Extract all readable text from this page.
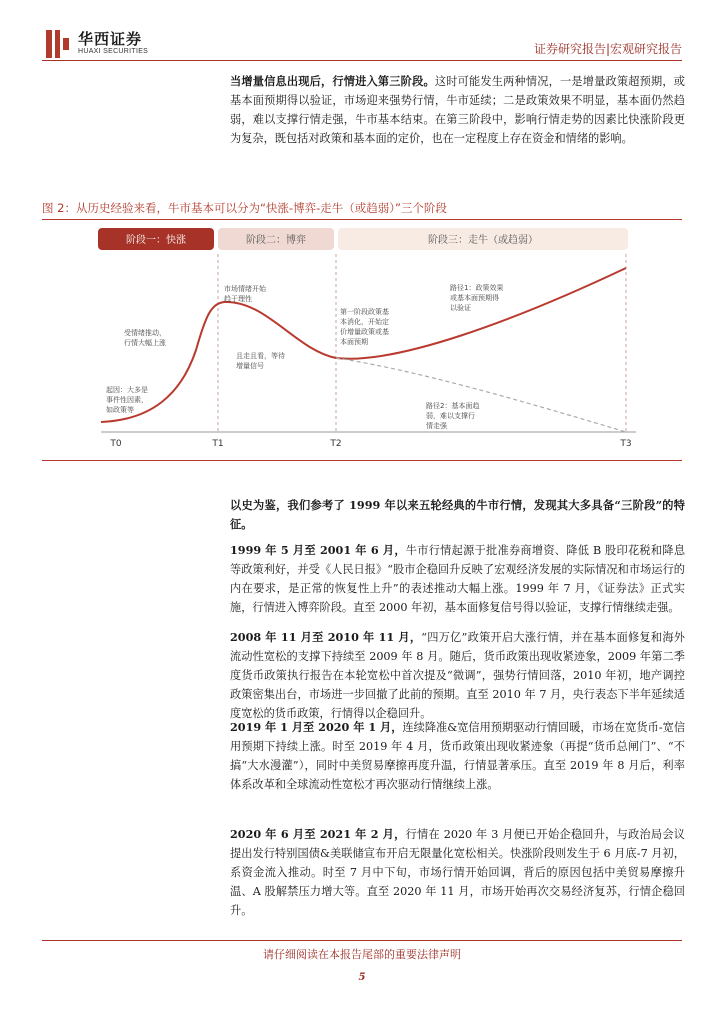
华西证券
HUAXI SECURITIES	证券研究报告|宏观研究报告
当增量信息出现后，行情进入第三阶段。这时可能发生两种情况，一是增量政策超预期，或基本面预期得以验证，市场迎来强势行情，牛市延续；二是政策效果不明显，基本面仍然趋弱，难以支撑行情走强，牛市基本结束。在第三阶段中，影响行情走势的因素比快涨阶段更为复杂，既包括对政策和基本面的定价，也在一定程度上存在资金和情绪的影响。
图 2：从历史经验来看，牛市基本可以分为“快涨-博弈-走牛（或趋弱）”三个阶段
阶段一：快涨	阶段二：博弈	阶段三：走牛（或趋弱）
T0	T1	T2	T3
起因：大多是
事件性因素，
如政策等
受情绪推动，
行情大幅上涨
市场情绪开始
趋于理性
且走且看，等待
增量信号
第一阶段政策基
本消化，开始定
价增量政策或基
本面预期
路径1：政策效果
或基本面预期得
以验证
路径2：基本面趋
弱，难以支撑行
情走强
以史为鉴，我们参考了 1999 年以来五轮经典的牛市行情，发现其大多具备“三阶段”的特征。
1999 年 5 月至 2001 年 6 月，牛市行情起源于批准券商增资、降低 B 股印花税和降息等政策利好，并受《人民日报》“股市企稳回升反映了宏观经济发展的实际情况和市场运行的内在要求，是正常的恢复性上升”的表述推动大幅上涨。1999 年 7 月，《证券法》正式实施，行情进入博弈阶段。直至 2000 年初，基本面修复信号得以验证，支撑行情继续走强。
2008 年 11 月至 2010 年 11 月，“四万亿”政策开启大涨行情，并在基本面修复和海外流动性宽松的支撑下持续至 2009 年 8 月。随后，货币政策出现收紧迹象，2009 年第二季度货币政策执行报告在本轮宽松中首次提及“微调”，强势行情回落，2010 年初，地产调控政策密集出台，市场进一步回撤了此前的预期。直至 2010 年 7 月，央行表态下半年延续适度宽松的货币政策，行情得以企稳回升。
2019 年 1 月至 2020 年 1 月，连续降准&宽信用预期驱动行情回暖，市场在宽货币-宽信用预期下持续上涨。时至 2019 年 4 月，货币政策出现收紧迹象（再提“货币总闸门”、“不搞“大水漫灌”），同时中美贸易摩擦再度升温，行情显著承压。直至 2019 年 8 月后，利率体系改革和全球流动性宽松才再次驱动行情继续上涨。
2020 年 6 月至 2021 年 2 月，行情在 2020 年 3 月便已开始企稳回升，与政治局会议提出发行特别国债&美联储宣布开启无限量化宽松相关。快涨阶段则发生于 6 月底-7 月初，系资金流入推动。时至 7 月中下旬，市场行情开始回调，背后的原因包括中美贸易摩擦升温、A 股解禁压力增大等。直至 2020 年 11 月，市场开始再次交易经济复苏，行情企稳回升。
请仔细阅读在本报告尾部的重要法律声明
5
